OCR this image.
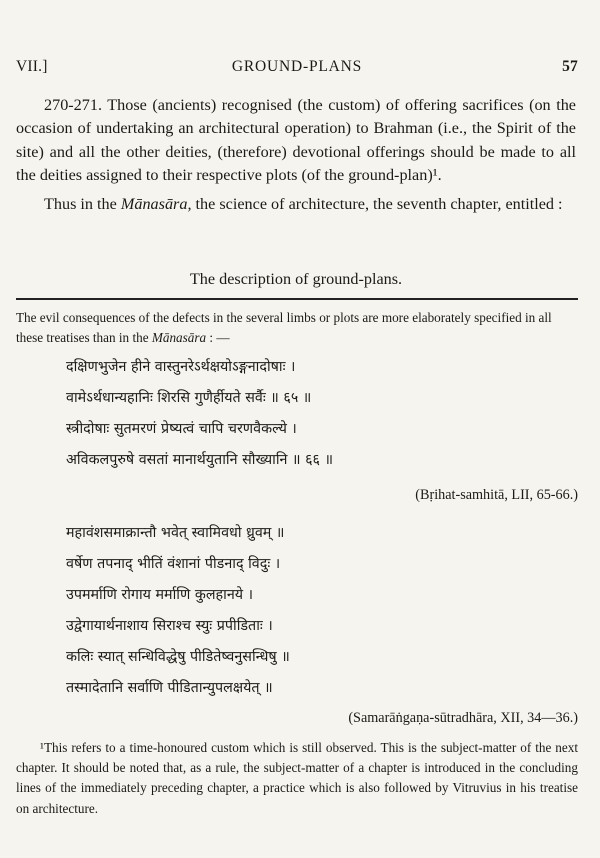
VII.]	GROUND-PLANS	57

270-271. Those (ancients) recognised (the custom) of offering sacrifices (on the occasion of undertaking an architectural operation) to Brahman (i.e., the Spirit of the site) and all the other deities, (therefore) devotional offerings should be made to all the deities assigned to their respective plots (of the ground-plan)¹.

Thus in the Mānasāra, the science of architecture, the seventh chapter, entitled :

The description of ground-plans.
The evil consequences of the defects in the several limbs or plots are more elaborately specified in all these treatises than in the Mānasāra : —
दक्षिणभुजेन हीने वास्तुनरेऽर्थक्षयोऽङ्गनादोषाः ।
वामेऽर्थधान्यहानिः शिरसि गुणैर्हीयते सर्वैः ॥ ६५ ॥
स्त्रीदोषाः सुतमरणं प्रेष्यत्वं चापि चरणवैकल्ये ।
अविकलपुरुषे वसतां मानार्थयुतानि सौख्यानि ॥ ६६ ॥
(Bṛihat-samhitā, LII, 65-66.)
महावंशसमाक्रान्तौ भवेत् स्वामिवधो ध्रुवम् ॥
वर्षेण तपनाद् भीतिं वंशानां पीडनाद् विदुः ।
उपमर्माणि रोगाय मर्माणि कुलहानये ।
उद्वेगायार्थनाशाय सिराश्च स्युः प्रपीडिताः ।
कलिः स्यात् सन्धिविद्धेषु पीडितेष्वनुसन्धिषु ॥
तस्मादेतानि सर्वाणि पीडितान्युपलक्षयेत् ॥
(Samarāṅgaṇa-sūtradhāra, XII, 34—36.)

¹This refers to a time-honoured custom which is still observed. This is the subject-matter of the next chapter. It should be noted that, as a rule, the subject-matter of a chapter is introduced in the concluding lines of the immediately preceding chapter, a practice which is also followed by Vitruvius in his treatise on architecture.
